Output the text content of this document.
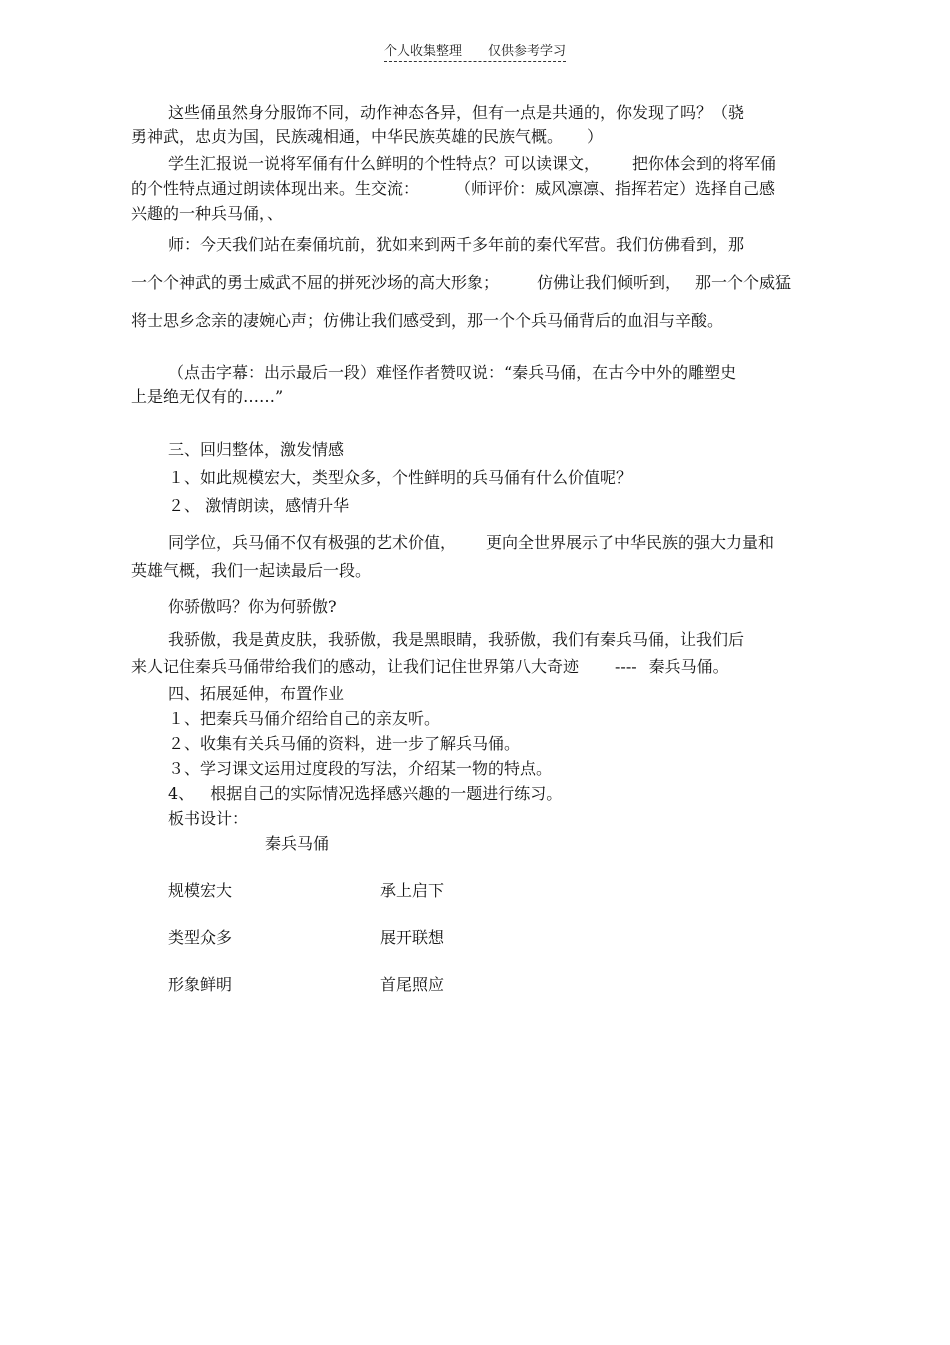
个人收集整理 仅供参考学习
这些俑虽然身分服饰不同，动作神态各异，但有一点是共通的，你发现了吗？（骁
勇神武，忠贞为国，民族魂相通，中华民族英雄的民族气概。 ）
学生汇报说一说将军俑有什么鲜明的个性特点？可以读课文， 把你体会到的将军俑
的个性特点通过朗读体现出来。生交流： （师评价：威风凛凛、指挥若定）选择自己感
兴趣的一种兵马俑，、
师：今天我们站在秦俑坑前，犹如来到两千多年前的秦代军营。我们仿佛看到，那
一个个神武的勇士威武不屈的拼死沙场的高大形象； 仿佛让我们倾听到， 那一个个威猛
将士思乡念亲的凄婉心声；仿佛让我们感受到，那一个个兵马俑背后的血泪与辛酸。
（点击字幕：出示最后一段）难怪作者赞叹说：“秦兵马俑，在古今中外的雕塑史
上是绝无仅有的……”
三、回归整体，激发情感
１、如此规模宏大，类型众多，个性鲜明的兵马俑有什么价值呢？
２、 激情朗读，感情升华
同学位，兵马俑不仅有极强的艺术价值， 更向全世界展示了中华民族的强大力量和
英雄气概，我们一起读最后一段。
你骄傲吗？你为何骄傲?
我骄傲，我是黄皮肤，我骄傲，我是黑眼睛，我骄傲，我们有秦兵马俑，让我们后
来人记住秦兵马俑带给我们的感动，让我们记住世界第八大奇迹 ---- 秦兵马俑。
四、拓展延伸，布置作业
１、把秦兵马俑介绍给自己的亲友听。
２、收集有关兵马俑的资料，进一步了解兵马俑。
３、学习课文运用过度段的写法，介绍某一物的特点。
4、 根据自己的实际情况选择感兴趣的一题进行练习。
板书设计：
秦兵马俑
规模宏大	承上启下
类型众多	展开联想
形象鲜明	首尾照应
